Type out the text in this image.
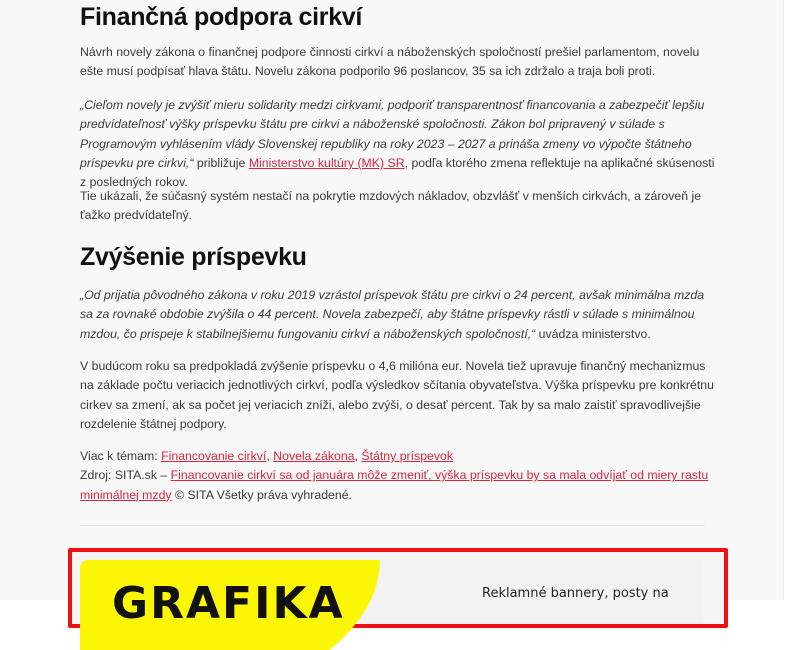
Finančná podpora cirkví

Návrh novely zákona o finančnej podpore činnosti cirkví a náboženských spoločností prešiel parlamentom, novelu ešte musí podpísať hlava štátu. Novelu zákona podporilo 96 poslancov, 35 sa ich zdržalo a traja boli proti.

„Cieľom novely je zvýšiť mieru solidarity medzi cirkvami, podporiť transparentnosť financovania a zabezpečiť lepšiu predvídateľnosť výšky príspevku štátu pre cirkvi a náboženské spoločnosti. Zákon bol pripravený v súlade s Programovým vyhlásením vlády Slovenskej republiky na roky 2023 – 2027 a prináša zmeny vo výpočte štátneho príspevku pre cirkvi,“ približuje Ministerstvo kultúry (MK) SR, podľa ktorého zmena reflektuje na aplikačné skúsenosti z posledných rokov.

Tie ukázali, že súčasný systém nestačí na pokrytie mzdových nákladov, obzvlášť v menších cirkvách, a zároveň je ťažko predvídateľný.

Zvýšenie príspevku

„Od prijatia pôvodného zákona v roku 2019 vzrástol príspevok štátu pre cirkvi o 24 percent, avšak minimálna mzda sa za rovnaké obdobie zvýšila o 44 percent. Novela zabezpečí, aby štátne príspevky rástli v súlade s minimálnou mzdou, čo prispeje k stabilnejšiemu fungovaniu cirkví a náboženských spoločností,“ uvádza ministerstvo.

V budúcom roku sa predpokladá zvýšenie príspevku o 4,6 milióna eur. Novela tiež upravuje finančný mechanizmus na základe počtu veriacich jednotlivých cirkví, podľa výsledkov sčítania obyvateľstva. Výška príspevku pre konkrétnu cirkev sa zmení, ak sa počet jej veriacich zníži, alebo zvýši, o desať percent. Tak by sa malo zaistiť spravodlivejšie rozdelenie štátnej podpory.

Viac k témam: Financovanie cirkví, Novela zákona, Štátny príspevok
Zdroj: SITA.sk – Financovanie cirkví sa od januára môže zmeniť, výška príspevku by sa mala odvíjať od miery rastu minimálnej mzdy © SITA Všetky práva vyhradené.

GRAFIKA	Reklamné bannery, posty na
